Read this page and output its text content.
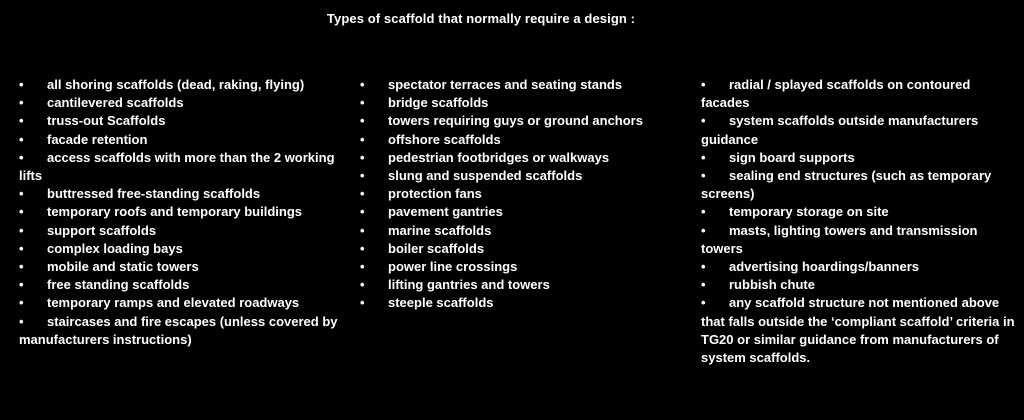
Types of scaffold that normally require a design :
• all shoring scaffolds (dead, raking, flying)
• cantilevered scaffolds
• truss-out Scaffolds
• facade retention
• access scaffolds with more than the 2 working lifts
• buttressed free-standing scaffolds
• temporary roofs and temporary buildings
• support scaffolds
• complex loading bays
• mobile and static towers
• free standing scaffolds
• temporary ramps and elevated roadways
• staircases and fire escapes (unless covered by manufacturers instructions)
• spectator terraces and seating stands
• bridge scaffolds
• towers requiring guys or ground anchors
• offshore scaffolds
• pedestrian footbridges or walkways
• slung and suspended scaffolds
• protection fans
• pavement gantries
• marine scaffolds
• boiler scaffolds
• power line crossings
• lifting gantries and towers
• steeple scaffolds
• radial / splayed scaffolds on contoured facades
• system scaffolds outside manufacturers guidance
• sign board supports
• sealing end structures (such as temporary screens)
• temporary storage on site
• masts, lighting towers and transmission towers
• advertising hoardings/banners
• rubbish chute
• any scaffold structure not mentioned above that falls outside the ‘compliant scaffold’ criteria in TG20 or similar guidance from manufacturers of system scaffolds.
